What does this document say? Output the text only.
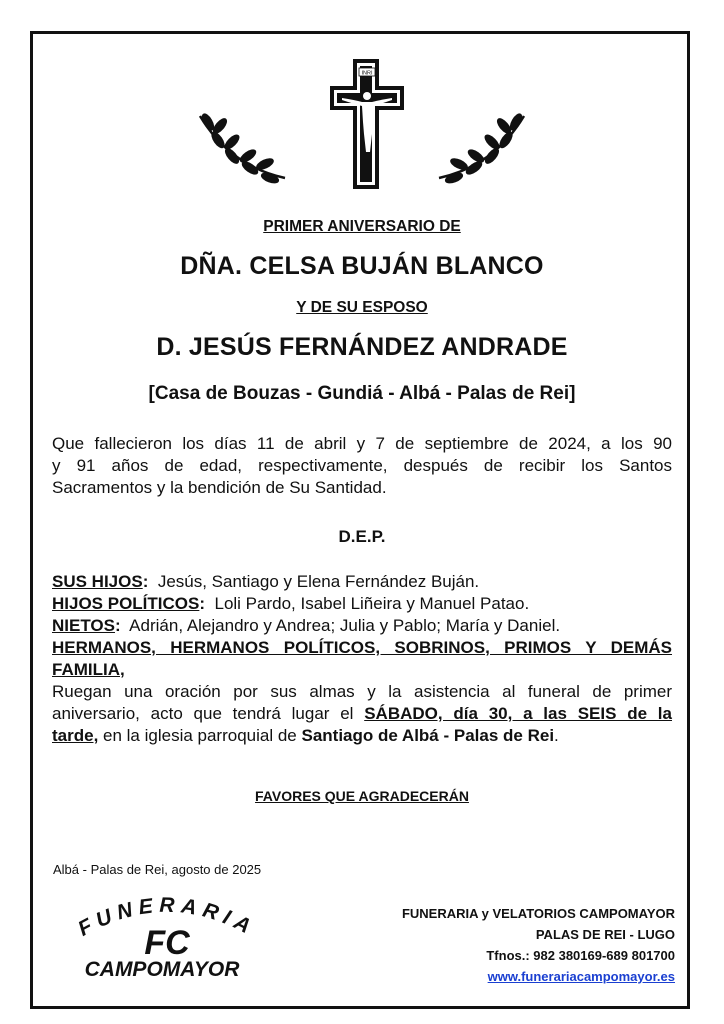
INRI
PRIMER ANIVERSARIO DE
DÑA. CELSA BUJÁN BLANCO
Y DE SU ESPOSO
D. JESÚS FERNÁNDEZ ANDRADE
[Casa de Bouzas - Gundiá - Albá - Palas de Rei]
Que fallecieron los días 11 de abril y 7 de septiembre de 2024, a los 90
y 91 años de edad, respectivamente, después de recibir los Santos
Sacramentos y la bendición de Su Santidad.
D.E.P.
SUS HIJOS: Jesús, Santiago y Elena Fernández Buján.
HIJOS POLÍTICOS: Loli Pardo, Isabel Liñeira y Manuel Patao.
NIETOS: Adrián, Alejandro y Andrea; Julia y Pablo; María y Daniel.
HERMANOS, HERMANOS POLÍTICOS, SOBRINOS, PRIMOS Y DEMÁS
FAMILIA,
Ruegan una oración por sus almas y la asistencia al funeral de primer
aniversario, acto que tendrá lugar el SÁBADO, día 30, a las SEIS de la
tarde, en la iglesia parroquial de Santiago de Albá - Palas de Rei.
FAVORES QUE AGRADECERÁN
Albá - Palas de Rei, agosto de 2025
FUNERARIA
FC
CAMPOMAYOR
FUNERARIA y VELATORIOS CAMPOMAYOR
PALAS DE REI - LUGO
Tfnos.: 982 380169-689 801700
www.funerariacampomayor.es
